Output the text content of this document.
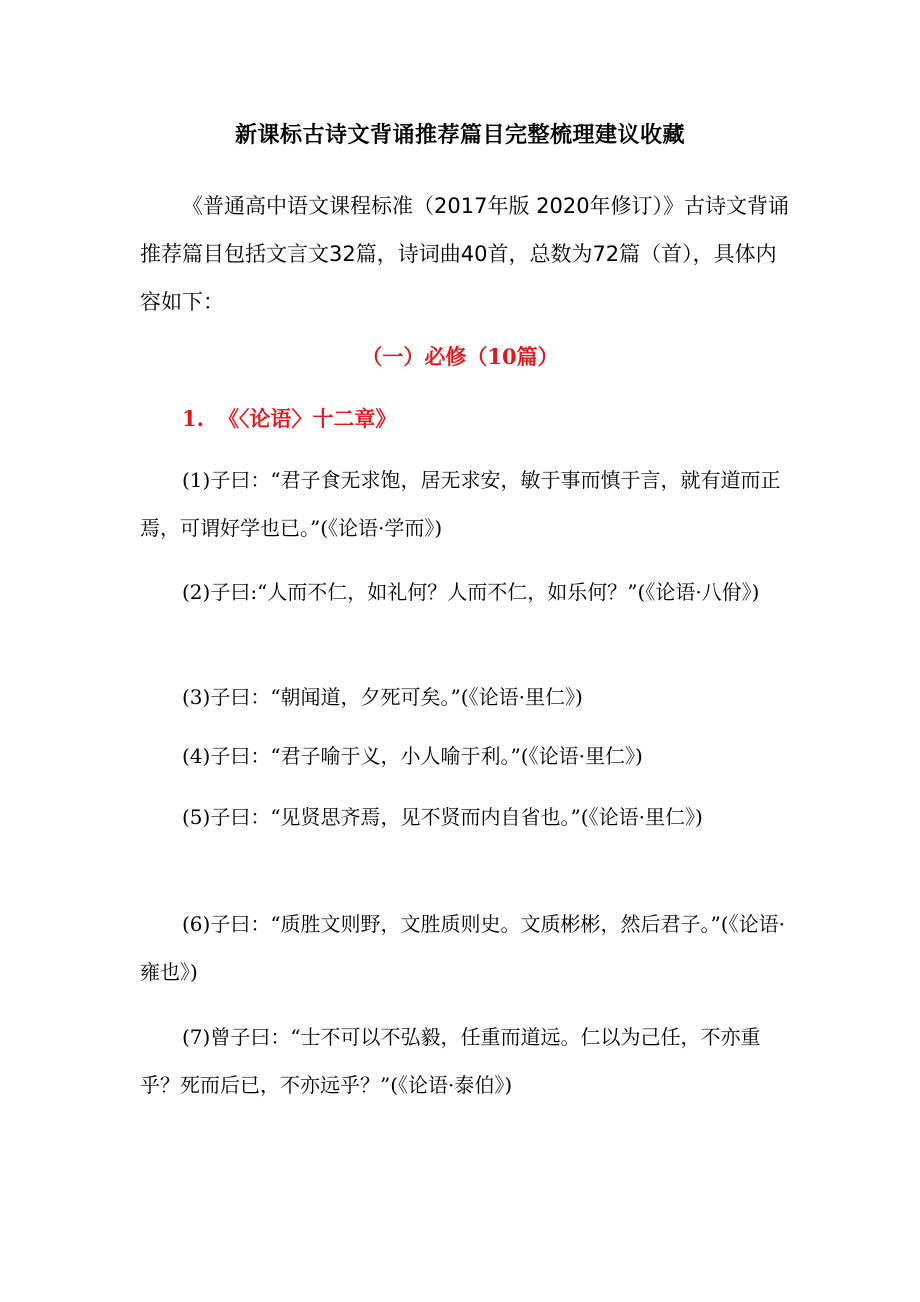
新课标古诗文背诵推荐篇目完整梳理建议收藏

《普通高中语文课程标准（2017年版 2020年修订）》古诗文背诵推荐篇目包括文言文32篇，诗词曲40首，总数为72篇（首），具体内容如下：

（一）必修（10篇）
1. 《〈论语〉十二章》

(1)子曰：“君子食无求饱，居无求安，敏于事而慎于言，就有道而正焉，可谓好学也已。”(《论语·学而》)

(2)子曰:“人而不仁，如礼何？人而不仁，如乐何？”(《论语·八佾》)

(3)子曰：“朝闻道，夕死可矣。”(《论语·里仁》)

(4)子曰：“君子喻于义，小人喻于利。”(《论语·里仁》)

(5)子曰：“见贤思齐焉，见不贤而内自省也。”(《论语·里仁》)

(6)子曰：“质胜文则野，文胜质则史。文质彬彬，然后君子。”(《论语·雍也》)

(7)曾子曰：“士不可以不弘毅，任重而道远。仁以为己任，不亦重乎？死而后已，不亦远乎？”(《论语·泰伯》)
